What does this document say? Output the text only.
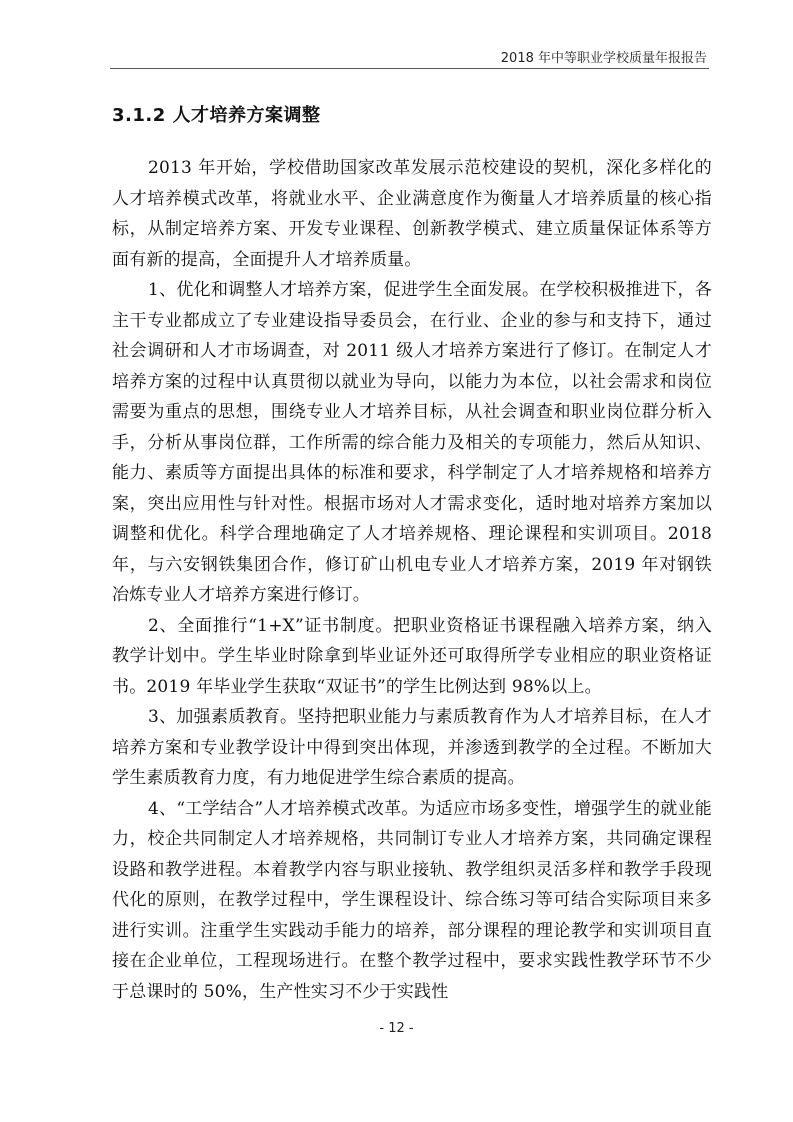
2018 年中等职业学校质量年报报告
3.1.2 人才培养方案调整

2013 年开始，学校借助国家改革发展示范校建设的契机，深化多样化的人才培养模式改革，将就业水平、企业满意度作为衡量人才培养质量的核心指标，从制定培养方案、开发专业课程、创新教学模式、建立质量保证体系等方面有新的提高，全面提升人才培养质量。

1、优化和调整人才培养方案，促进学生全面发展。在学校积极推进下，各主干专业都成立了专业建设指导委员会，在行业、企业的参与和支持下，通过社会调研和人才市场调查，对 2011 级人才培养方案进行了修订。在制定人才培养方案的过程中认真贯彻以就业为导向，以能力为本位，以社会需求和岗位需要为重点的思想，围绕专业人才培养目标，从社会调查和职业岗位群分析入手，分析从事岗位群，工作所需的综合能力及相关的专项能力，然后从知识、能力、素质等方面提出具体的标准和要求，科学制定了人才培养规格和培养方案，突出应用性与针对性。根据市场对人才需求变化，适时地对培养方案加以调整和优化。科学合理地确定了人才培养规格、理论课程和实训项目。2018 年，与六安钢铁集团合作，修订矿山机电专业人才培养方案，2019 年对钢铁冶炼专业人才培养方案进行修订。

2、全面推行“1+X”证书制度。把职业资格证书课程融入培养方案，纳入教学计划中。学生毕业时除拿到毕业证外还可取得所学专业相应的职业资格证书。2019 年毕业学生获取“双证书”的学生比例达到 98%以上。

3、加强素质教育。坚持把职业能力与素质教育作为人才培养目标，在人才培养方案和专业教学设计中得到突出体现，并渗透到教学的全过程。不断加大学生素质教育力度，有力地促进学生综合素质的提高。

4、“工学结合”人才培养模式改革。为适应市场多变性，增强学生的就业能力，校企共同制定人才培养规格，共同制订专业人才培养方案，共同确定课程设路和教学进程。本着教学内容与职业接轨、教学组织灵活多样和教学手段现代化的原则，在教学过程中，学生课程设计、综合练习等可结合实际项目来多进行实训。注重学生实践动手能力的培养，部分课程的理论教学和实训项目直接在企业单位，工程现场进行。在整个教学过程中，要求实践性教学环节不少于总课时的 50%，生产性实习不少于实践性

- 12 -
